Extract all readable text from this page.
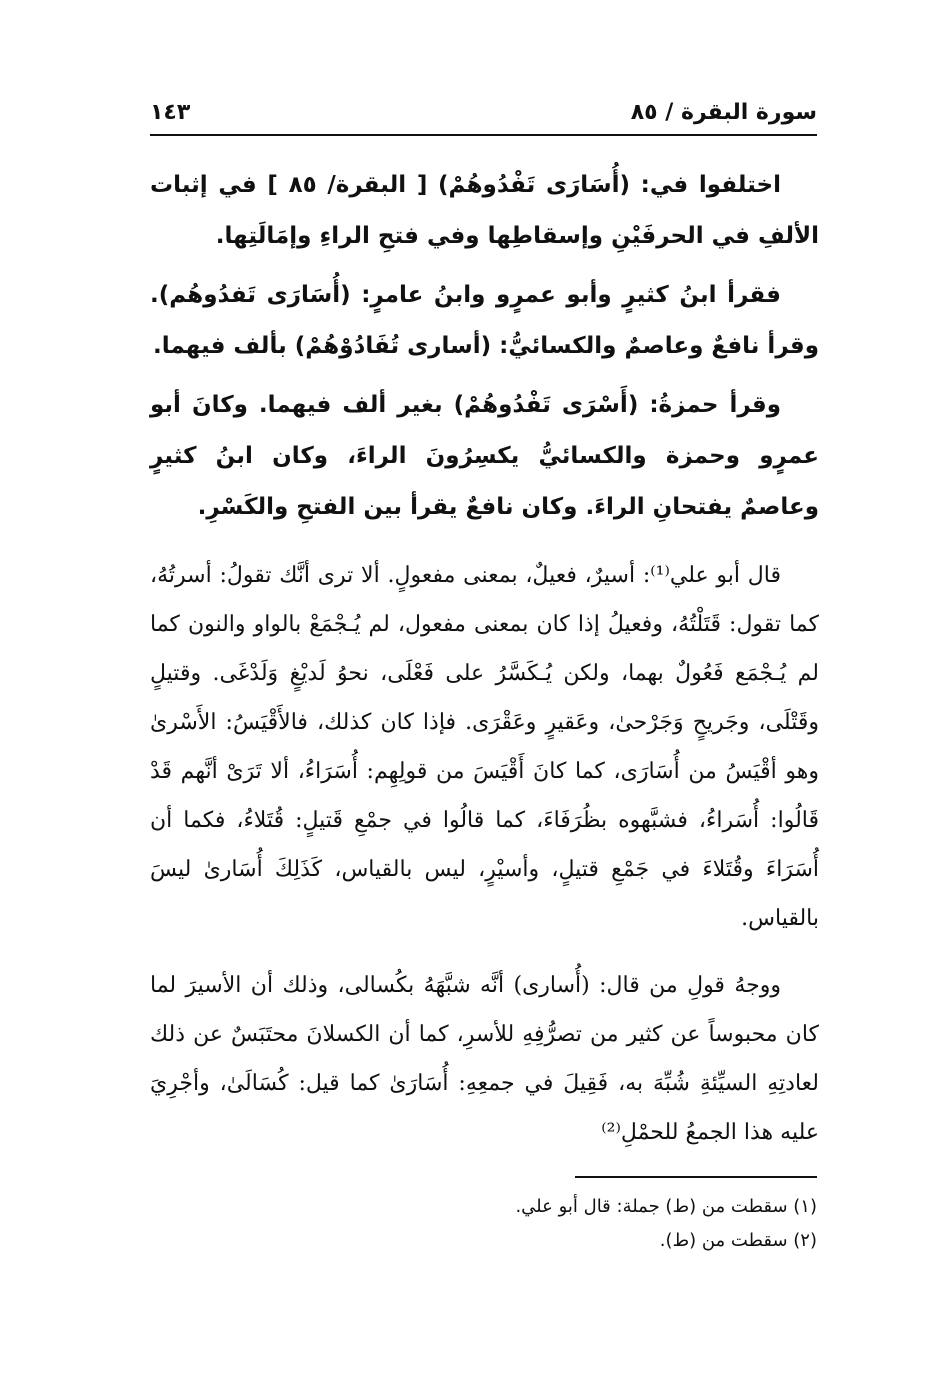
سورة البقرة / ٨٥
١٤٣

اختلفوا في: (أُسَارَى تَفْدُوهُمْ) [ البقرة/ ٨٥ ] في إثبات الألفِ في الحرفَيْنِ وإسقاطِها وفي فتحِ الراءِ وإمَالَتِها.

فقرأ ابنُ كثيرٍ وأبو عمرٍو وابنُ عامرٍ: (أُسَارَى تَفدُوهُم). وقرأ نافعٌ وعاصمٌ والكسائيُّ: (أسارى تُفَادُوْهُمْ) بألف فيهما.

وقرأ حمزةُ: (أَسْرَى تَفْدُوهُمْ) بغير ألف فيهما. وكانَ أبو عمرٍو وحمزة والكسائيُّ يكسِرُونَ الراءَ، وكان ابنُ كثيرٍ وعاصمٌ يفتحانِ الراءَ. وكان نافعٌ يقرأ بين الفتحِ والكَسْرِ.

قال أبو علي⁽¹⁾: أسيرٌ، فعيلٌ، بمعنى مفعولٍ. ألا ترى أنَّك تقولُ: أسرتُهُ، كما تقول: قَتَلْتُهُ، وفعيلُ إذا كان بمعنى مفعول، لم يُـجْمَعْ بالواو والنون كما لم يُـجْمَع فَعُولٌ بهما، ولكن يُـكَسَّرُ على فَعْلَى، نحوُ لَديْغٍ وَلَدْغَى. وقتيلٍ وقَتْلَى، وجَريحٍ وَجَرْحىٰ، وعَقيرٍ وعَقْرَى. فإذا كان كذلك، فالأَقْيَسُ: الأَسْرىٰ وهو أقْيَسُ من أُسَارَى، كما كانَ أَقْيَسَ من قولِهِم: أُسَرَاءُ، ألا تَرَىْ أنَّهم قَدْ قَالُوا: أُسَراءُ، فشبَّهوه بظُرَفَاءَ، كما قالُوا في جمْعِ قَتيلٍ: قُتَلاءُ، فكما أن أُسَرَاءَ وقُتَلاءَ في جَمْعِ قتيلٍ، وأسيْرٍ، ليس بالقياس، كَذَلِكَ أُسَارىٰ ليسَ بالقياس.

ووجهُ قولِ من قال: (أُسارى) أنَّه شبَّهَهُ بكُسالى، وذلك أن الأسيرَ لما كان محبوساً عن كثير من تصرُّفِهِ للأسرِ، كما أن الكسلانَ محتَبَسٌ عن ذلك لعادتِهِ السيِّئةِ شُبِّهَ به، فَقِيلَ في جمعِهِ: أُسَارَىٰ كما قيل: كُسَالَىٰ، وأجْرِيَ عليه هذا الجمعُ للحمْلِ⁽²⁾

(١) سقطت من (ط) جملة: قال أبو علي.

(٢) سقطت من (ط).
